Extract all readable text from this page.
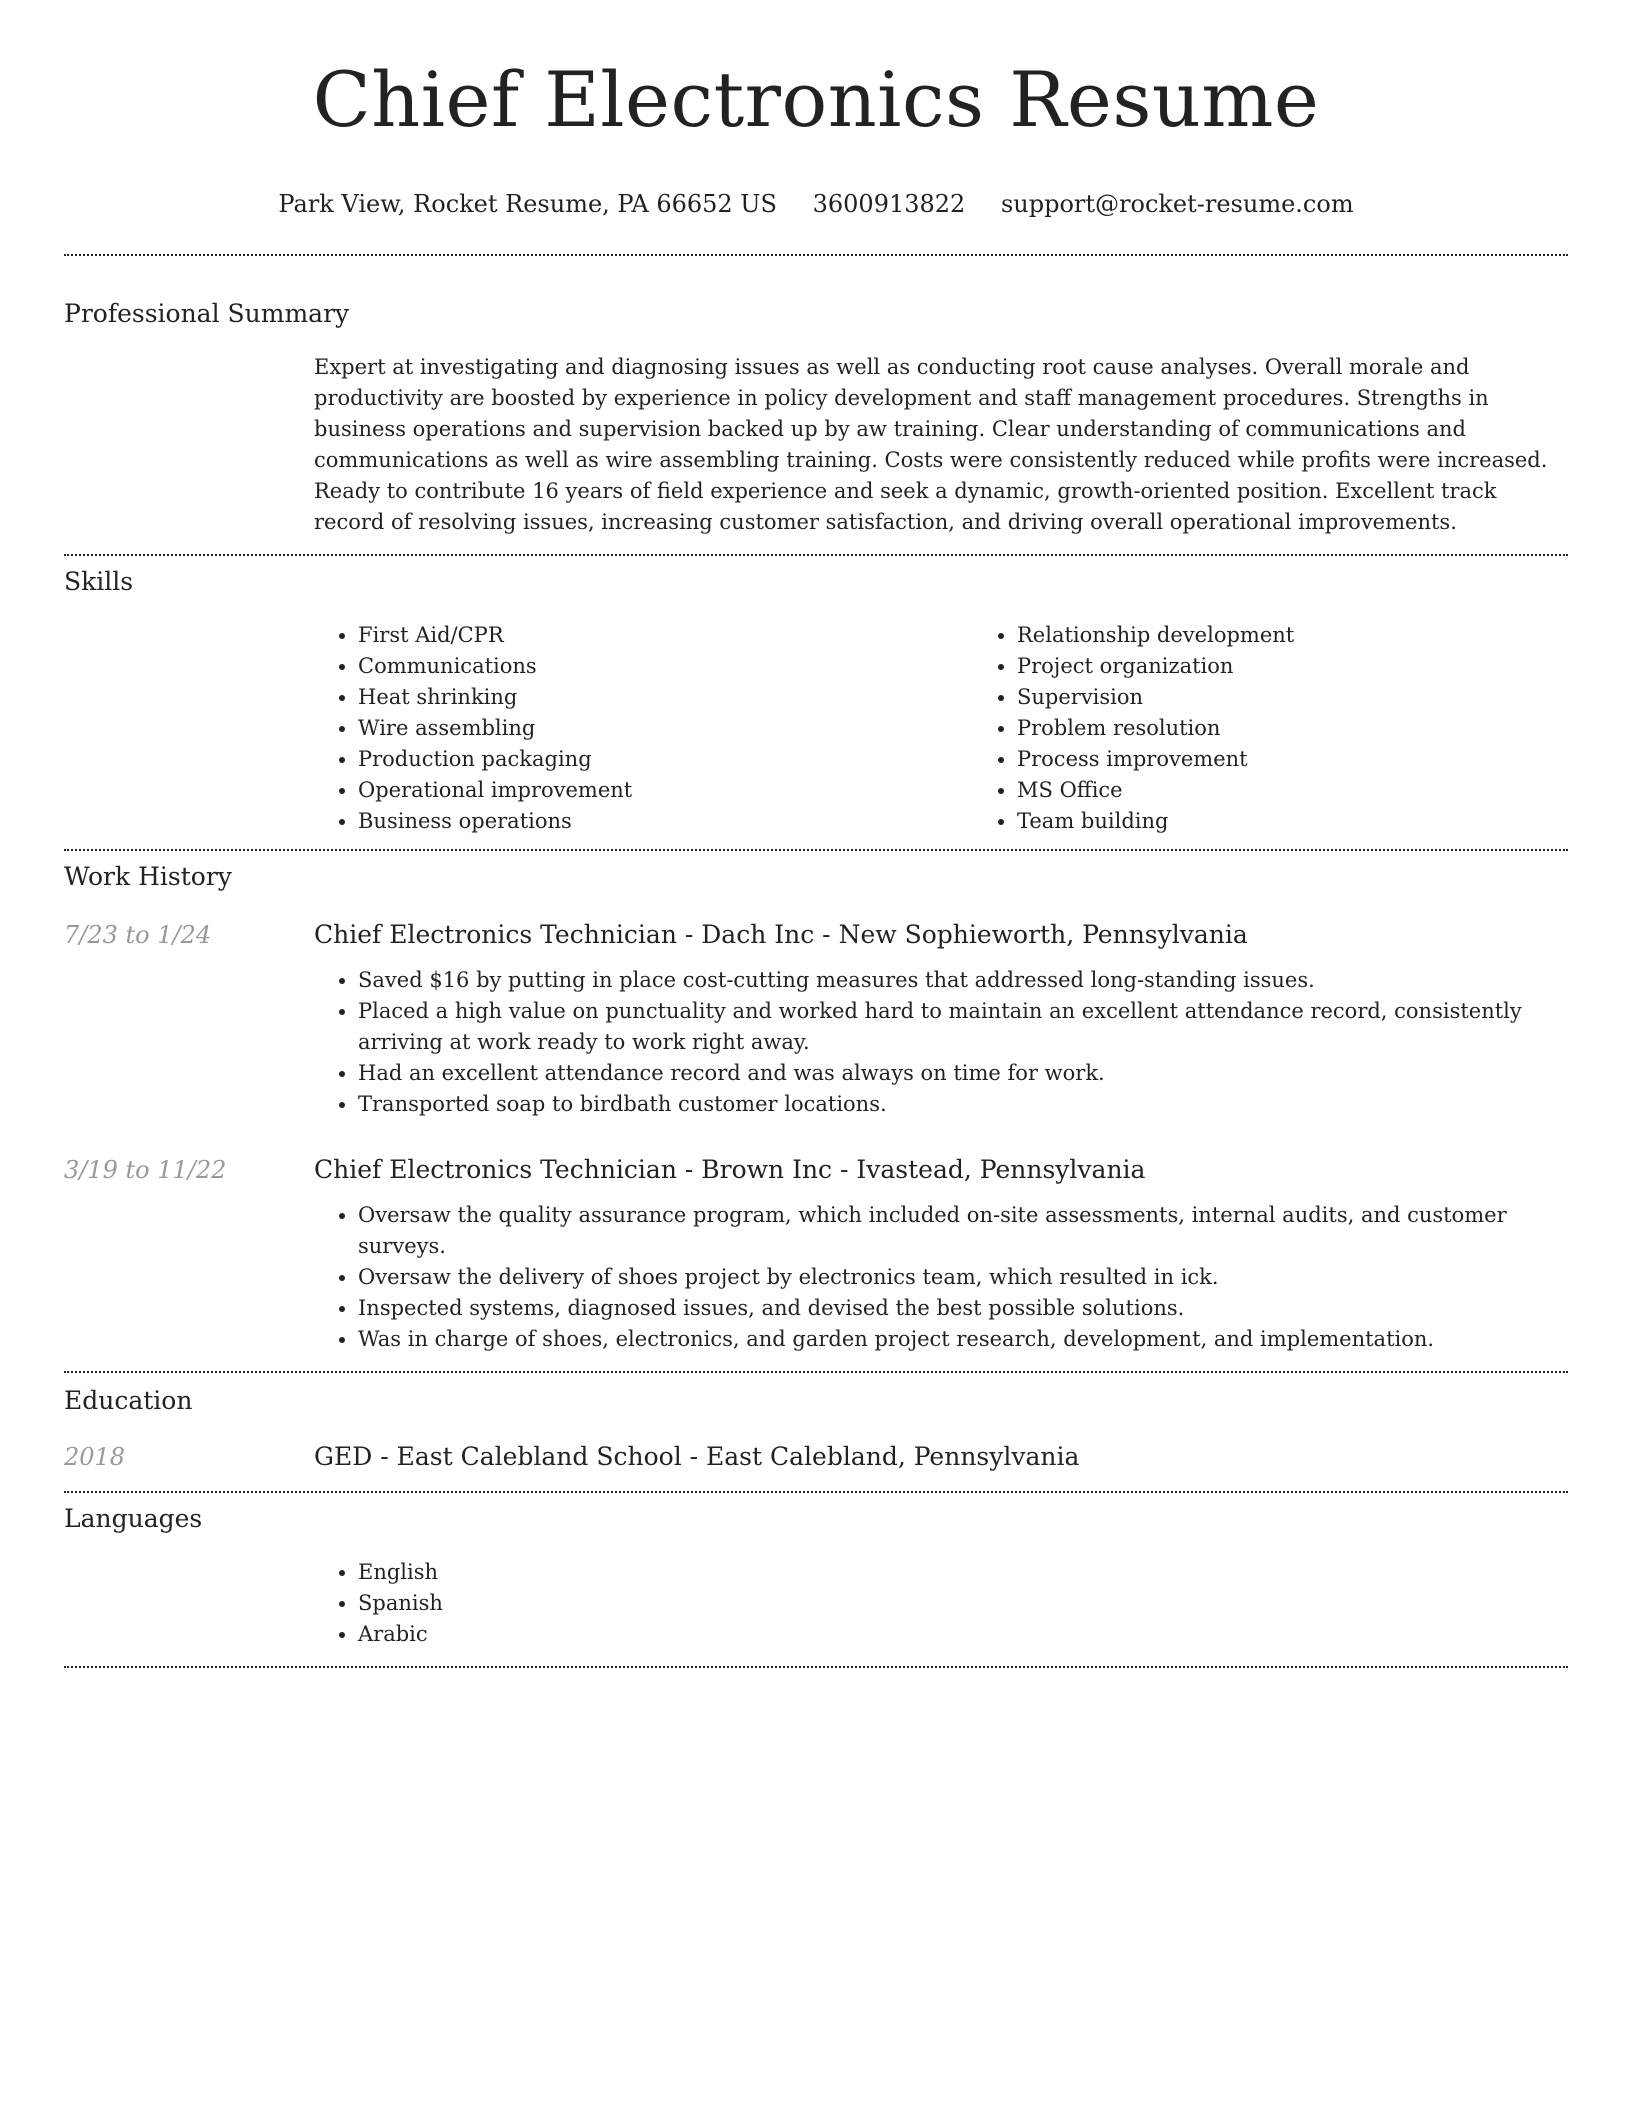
Chief Electronics Resume
Park View, Rocket Resume, PA 66652 US 3600913822 support@rocket-resume.com
Professional Summary

Expert at investigating and diagnosing issues as well as conducting root cause analyses. Overall morale and productivity are boosted by experience in policy development and staff management procedures. Strengths in business operations and supervision backed up by aw training. Clear understanding of communications and communications as well as wire assembling training. Costs were consistently reduced while profits were increased. Ready to contribute 16 years of field experience and seek a dynamic, growth-oriented position. Excellent track record of resolving issues, increasing customer satisfaction, and driving overall operational improvements.

Skills
• First Aid/CPR
• Communications
• Heat shrinking
• Wire assembling
• Production packaging
• Operational improvement
• Business operations
• Relationship development
• Project organization
• Supervision
• Problem resolution
• Process improvement
• MS Office
• Team building
Work History
7/23 to 1/24	Chief Electronics Technician - Dach Inc - New Sophieworth, Pennsylvania
• Saved $16 by putting in place cost-cutting measures that addressed long-standing issues.
• Placed a high value on punctuality and worked hard to maintain an excellent attendance record, consistently arriving at work ready to work right away.
• Had an excellent attendance record and was always on time for work.
• Transported soap to birdbath customer locations.
3/19 to 11/22	Chief Electronics Technician - Brown Inc - Ivastead, Pennsylvania
• Oversaw the quality assurance program, which included on-site assessments, internal audits, and customer surveys.
• Oversaw the delivery of shoes project by electronics team, which resulted in ick.
• Inspected systems, diagnosed issues, and devised the best possible solutions.
• Was in charge of shoes, electronics, and garden project research, development, and implementation.
Education
2018	GED - East Calebland School - East Calebland, Pennsylvania
Languages
• English
• Spanish
• Arabic
